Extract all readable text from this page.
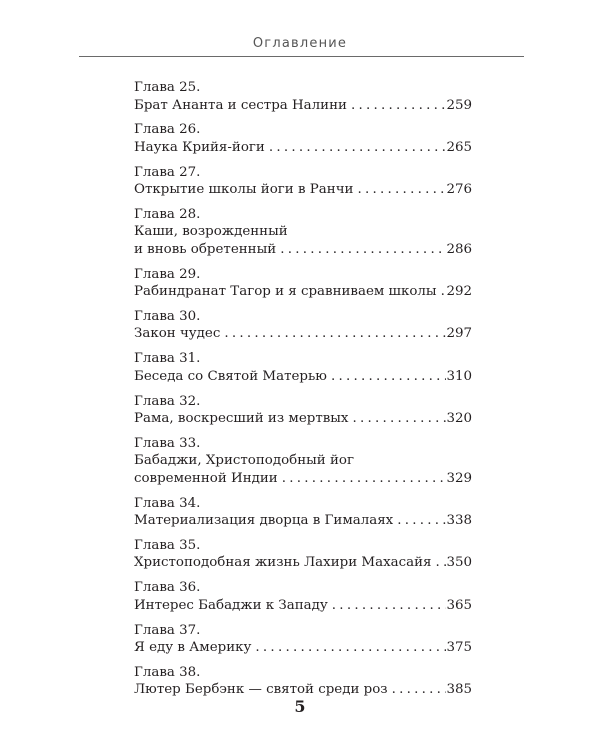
Оглавление
Глава 25.
Брат Ананта и сестра Налини . . .	259
Глава 26.
Наука Крийя-йоги . . .	265
Глава 27.
Открытие школы йоги в Ранчи . . .	276
Глава 28.
Каши, возрожденный
и вновь обретенный . . .	286
Глава 29.
Рабиндранат Тагор и я сравниваем школы . . . 292
Глава 30.
Закон чудес . . .	297
Глава 31.
Беседа со Святой Матерью . . .	310
Глава 32.
Рама, воскресший из мертвых . . .	320
Глава 33.
Бабаджи, Христоподобный йог
современной Индии . . .	329
Глава 34.
Материализация дворца в Гималаях . . .	338
Глава 35.
Христоподобная жизнь Лахири Махасайя . . . 350
Глава 36.
Интерес Бабаджи к Западу . . .	365
Глава 37.
Я еду в Америку . . .	375
Глава 38.
Лютер Бербэнк — святой среди роз . . .	385
5
